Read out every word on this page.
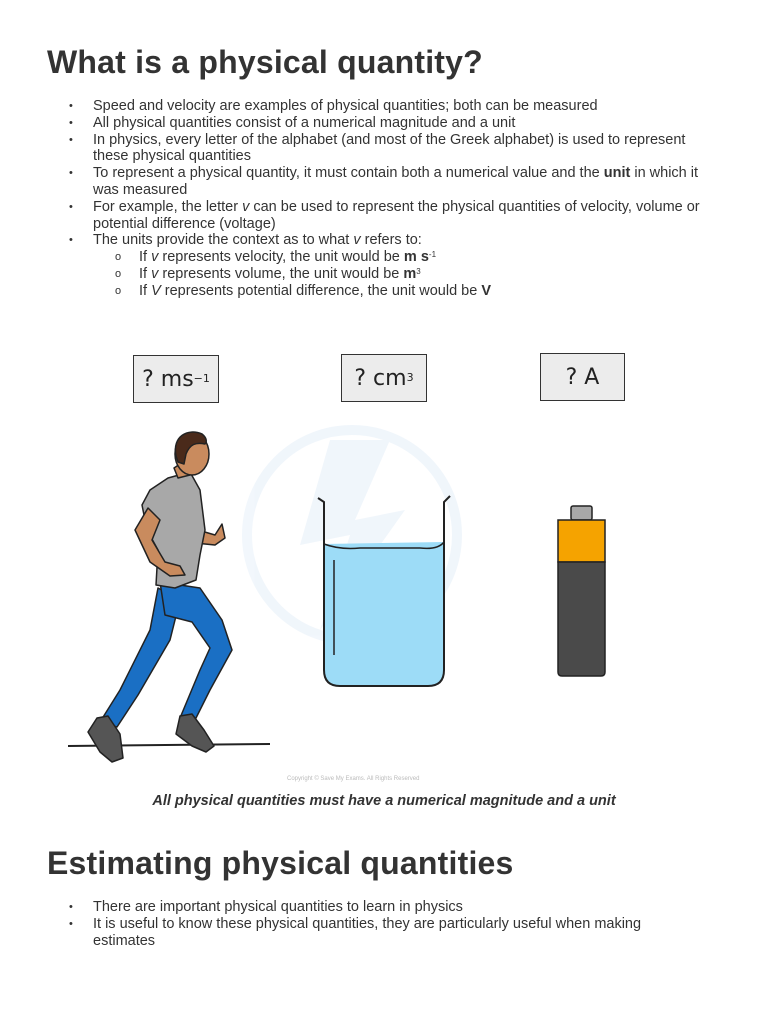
What is a physical quantity?
• Speed and velocity are examples of physical quantities; both can be measured
• All physical quantities consist of a numerical magnitude and a unit
• In physics, every letter of the alphabet (and most of the Greek alphabet) is used to represent these physical quantities
• To represent a physical quantity, it must contain both a numerical value and the unit in which it was measured
• For example, the letter v can be used to represent the physical quantities of velocity, volume or potential difference (voltage)
• The units provide the context as to what v refers to:
o If v represents velocity, the unit would be m $s^{-1}$
o If v represents volume, the unit would be $m^3$
o If V represents potential difference, the unit would be V
? ms −1	? cm 3	? A
Copyright © Save My Exams. All Rights Reserved
All physical quantities must have a numerical magnitude and a unit
Estimating physical quantities
• There are important physical quantities to learn in physics
• It is useful to know these physical quantities, they are particularly useful when making estimates
